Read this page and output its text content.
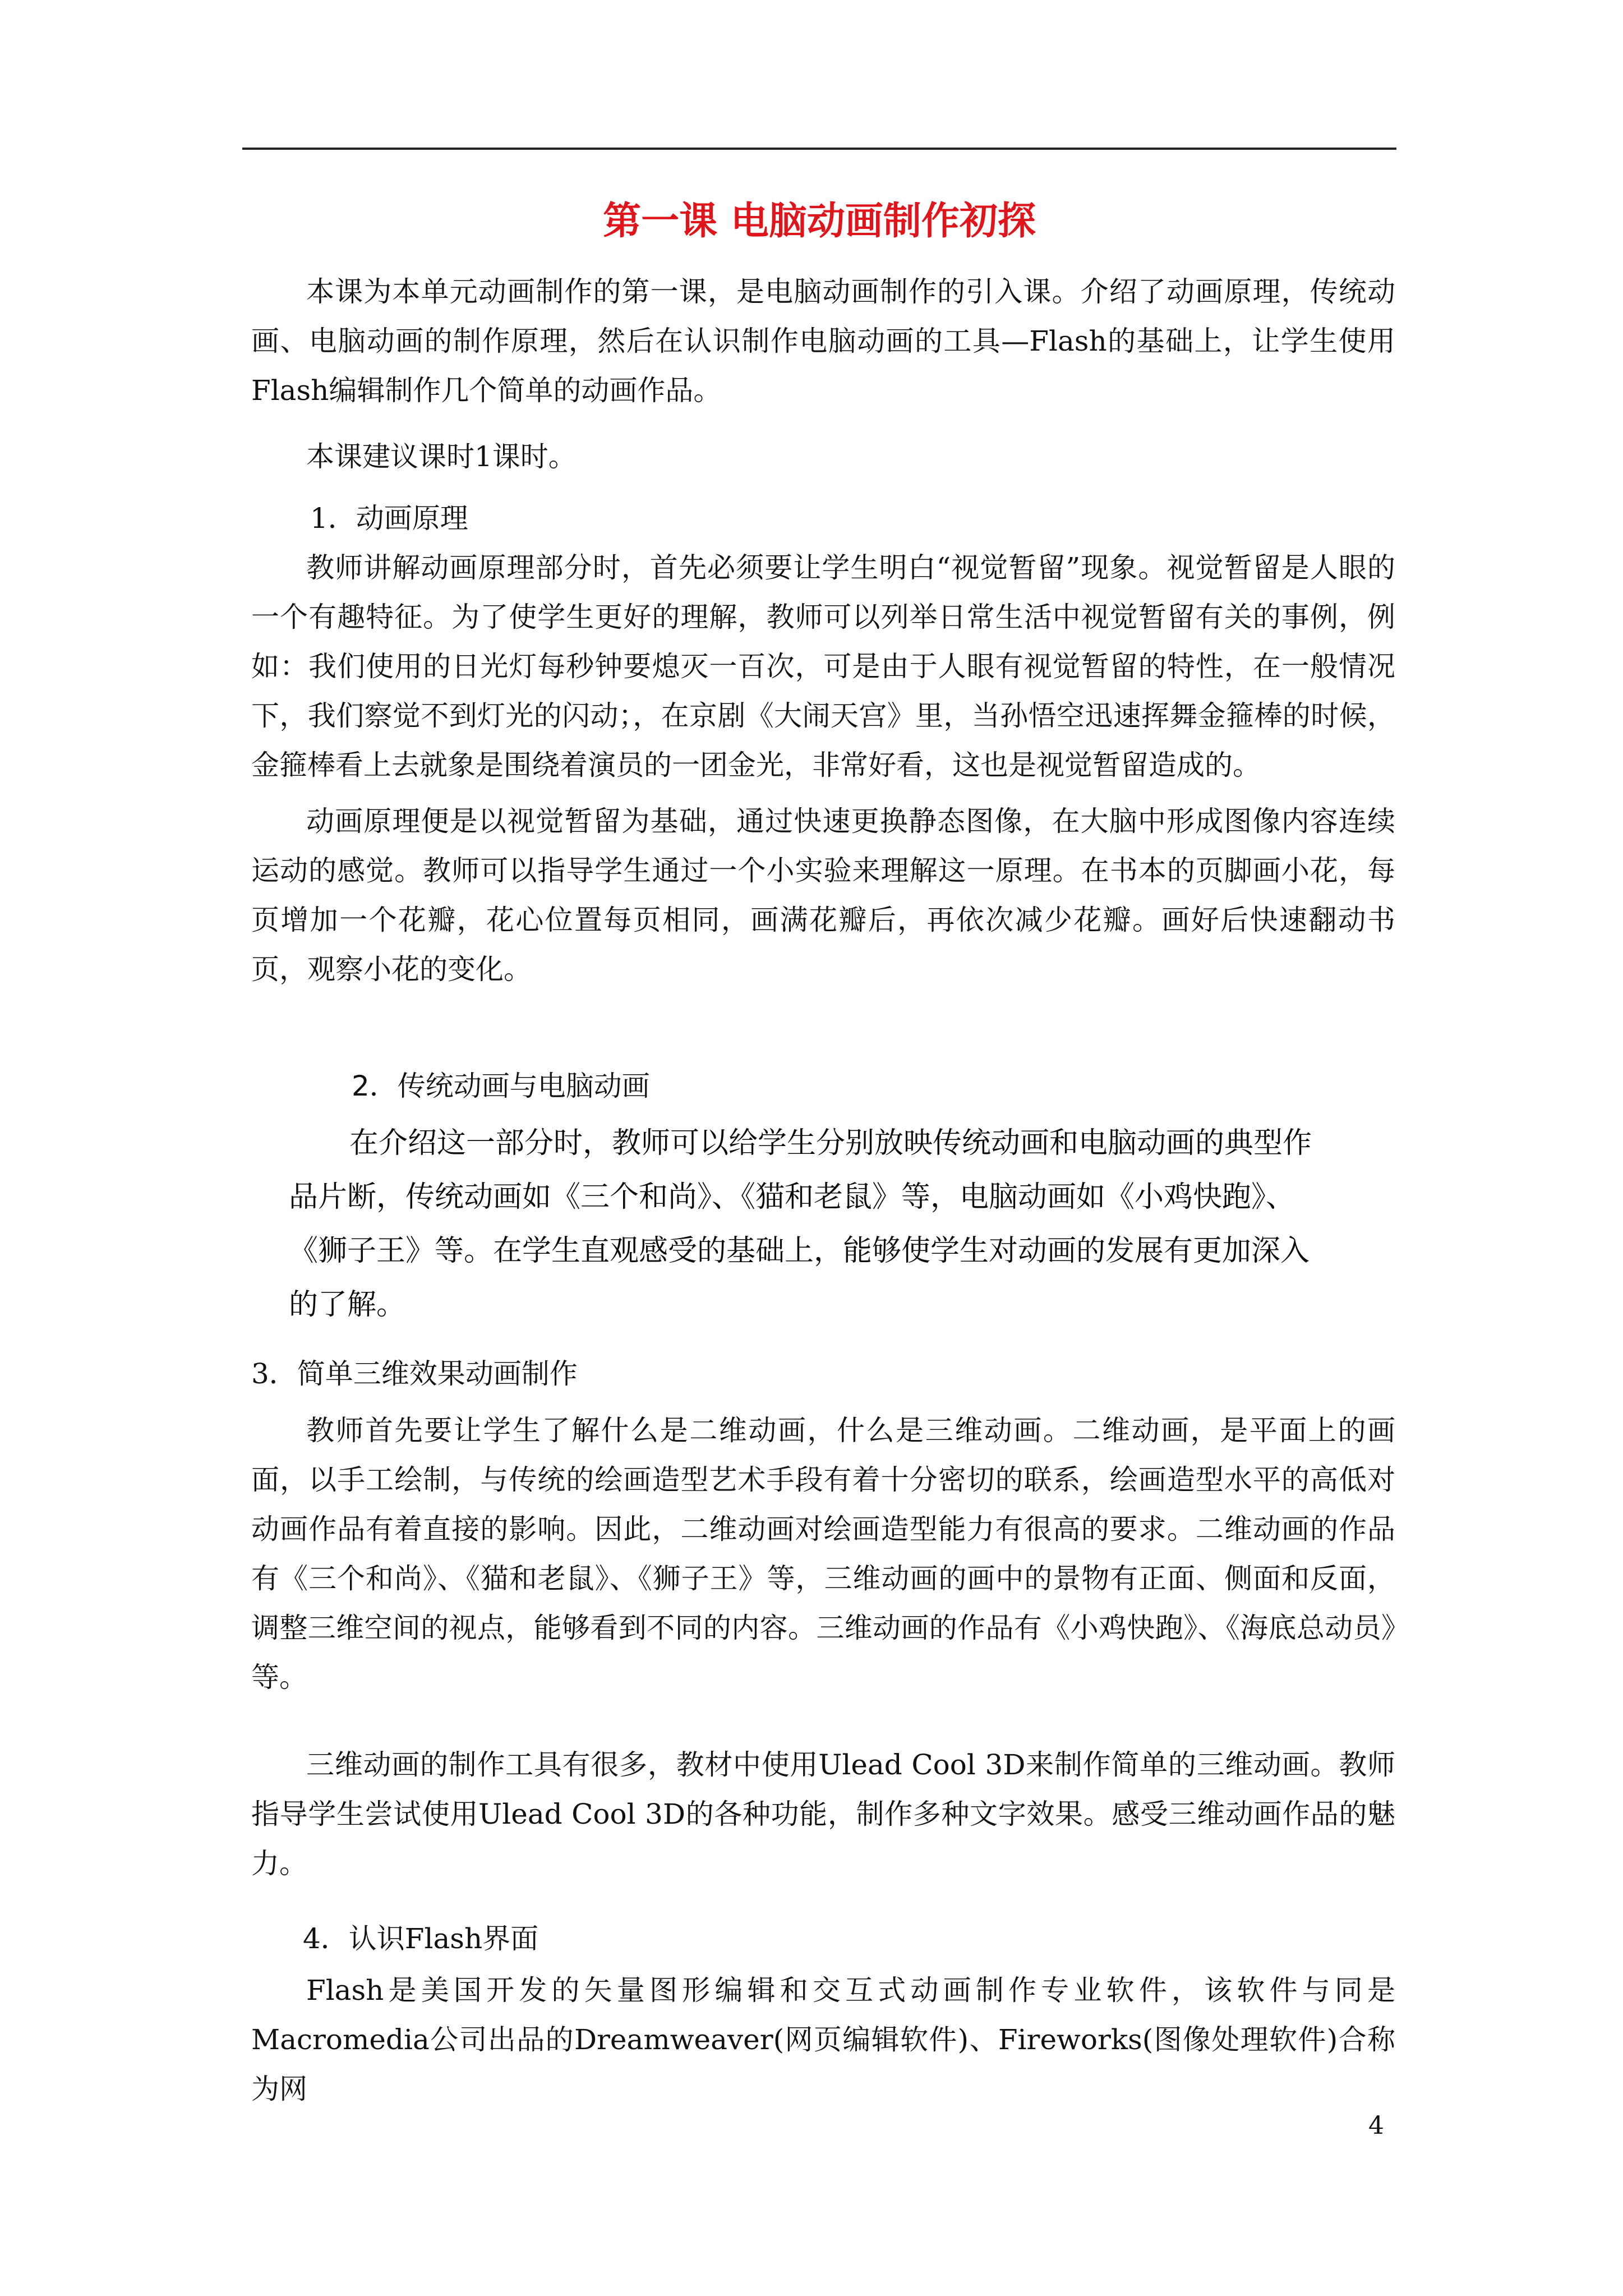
第一课 电脑动画制作初探

本课为本单元动画制作的第一课，是电脑动画制作的引入课。介绍了动画原理，传统动画、电脑动画的制作原理，然后在认识制作电脑动画的工具—Flash的基础上，让学生使用Flash编辑制作几个简单的动画作品。

本课建议课时1课时。

1．动画原理

教师讲解动画原理部分时，首先必须要让学生明白“视觉暂留”现象。视觉暂留是人眼的一个有趣特征。为了使学生更好的理解，教师可以列举日常生活中视觉暂留有关的事例，例如：我们使用的日光灯每秒钟要熄灭一百次，可是由于人眼有视觉暂留的特性，在一般情况下，我们察觉不到灯光的闪动；，在京剧《大闹天宫》里，当孙悟空迅速挥舞金箍棒的时候，金箍棒看上去就象是围绕着演员的一团金光，非常好看，这也是视觉暂留造成的。

动画原理便是以视觉暂留为基础，通过快速更换静态图像，在大脑中形成图像内容连续运动的感觉。教师可以指导学生通过一个小实验来理解这一原理。在书本的页脚画小花，每页增加一个花瓣，花心位置每页相同，画满花瓣后，再依次减少花瓣。画好后快速翻动书页，观察小花的变化。

2．传统动画与电脑动画

在介绍这一部分时，教师可以给学生分别放映传统动画和电脑动画的典型作

品片断，传统动画如《三个和尚》、《猫和老鼠》等，电脑动画如《小鸡快跑》、

《狮子王》等。在学生直观感受的基础上，能够使学生对动画的发展有更加深入

的了解。

3．简单三维效果动画制作

教师首先要让学生了解什么是二维动画，什么是三维动画。二维动画，是平面上的画面，以手工绘制，与传统的绘画造型艺术手段有着十分密切的联系，绘画造型水平的高低对动画作品有着直接的影响。因此，二维动画对绘画造型能力有很高的要求。二维动画的作品有《三个和尚》、《猫和老鼠》、《狮子王》等，三维动画的画中的景物有正面、侧面和反面，调整三维空间的视点，能够看到不同的内容。三维动画的作品有《小鸡快跑》、《海底总动员》等。

三维动画的制作工具有很多，教材中使用Ulead Cool 3D来制作简单的三维动画。教师指导学生尝试使用Ulead Cool 3D的各种功能，制作多种文字效果。感受三维动画作品的魅力。

4．认识Flash界面

Flash是美国开发的矢量图形编辑和交互式动画制作专业软件，该软件与同是Macromedia公司出品的Dreamweaver(网页编辑软件)、Fireworks(图像处理软件)合称为网

4
